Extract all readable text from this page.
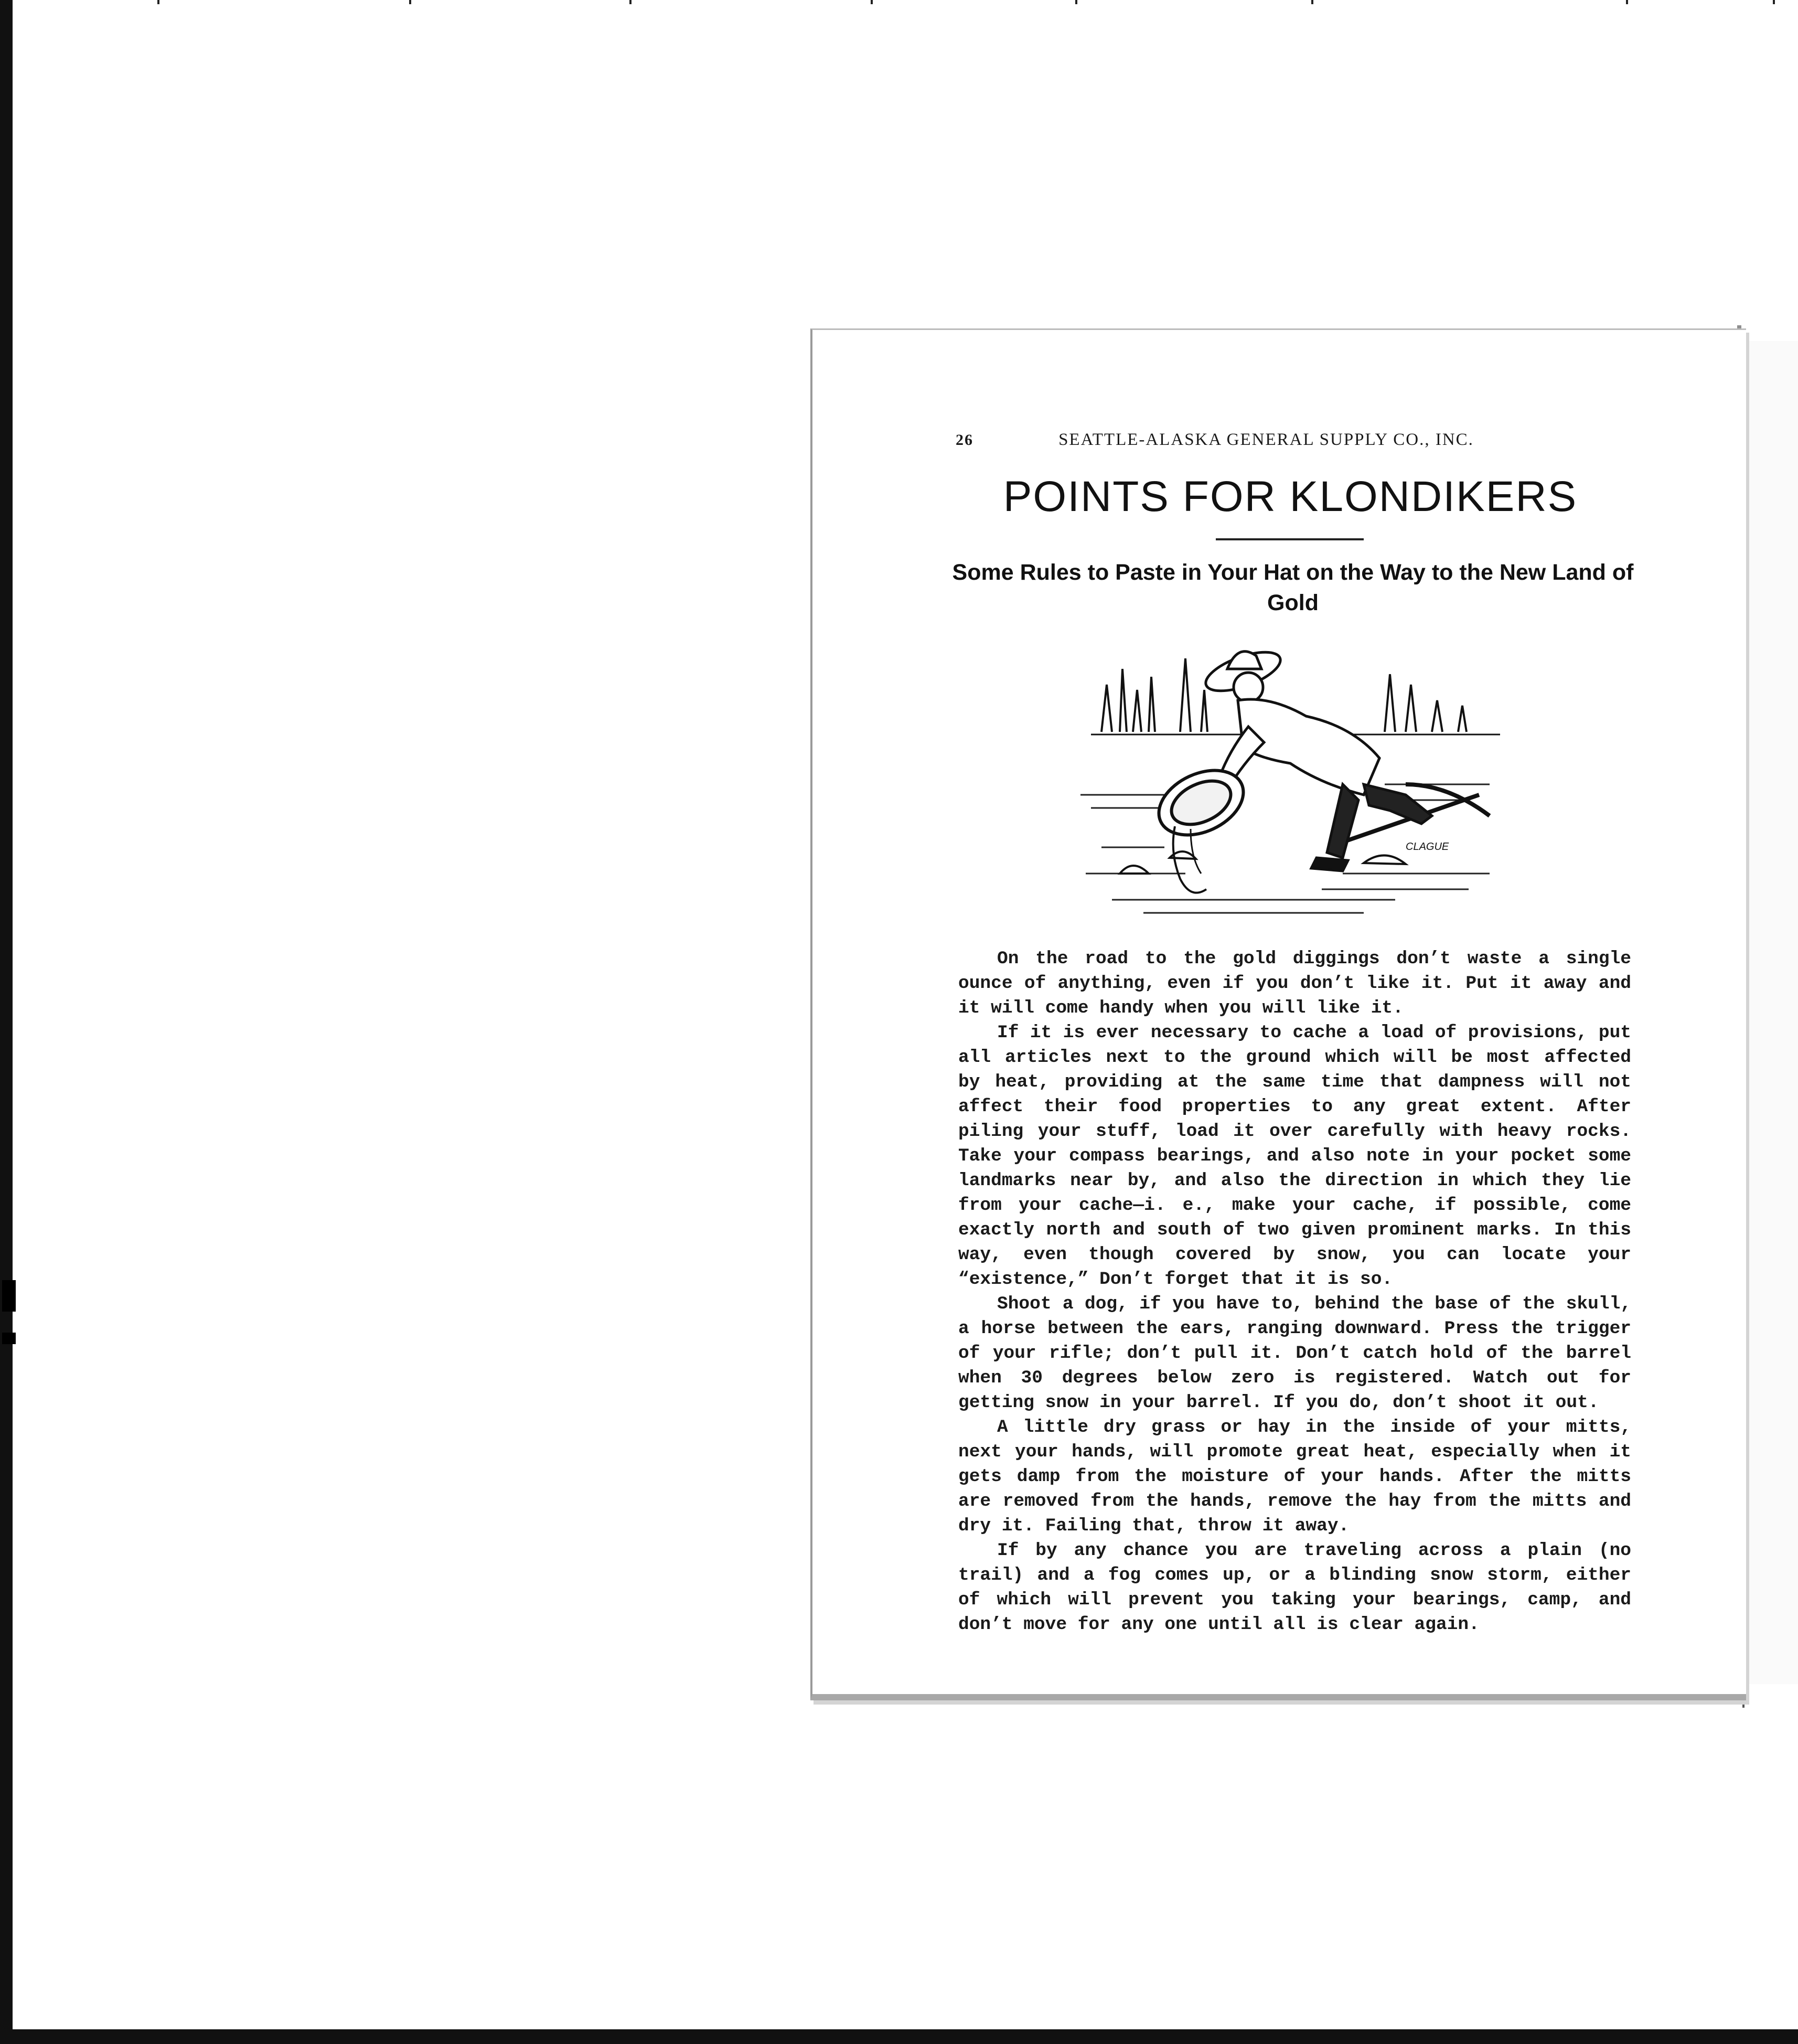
26	SEATTLE-ALASKA GENERAL SUPPLY CO., INC.
POINTS FOR KLONDIKERS
Some Rules to Paste in Your Hat on the Way to the New Land of Gold
CLAGUE

On the road to the gold diggings don’t waste a single ounce of anything, even if you don’t like it. Put it away and it will come handy when you will like it.

If it is ever necessary to cache a load of provisions, put all articles next to the ground which will be most affected by heat, providing at the same time that dampness will not affect their food properties to any great extent. After piling your stuff, load it over carefully with heavy rocks. Take your compass bearings, and also note in your pocket some landmarks near by, and also the direction in which they lie from your cache—i. e., make your cache, if possible, come exactly north and south of two given prominent marks. In this way, even though covered by snow, you can locate your “existence,” Don’t forget that it is so.

Shoot a dog, if you have to, behind the base of the skull, a horse between the ears, ranging downward. Press the trigger of your rifle; don’t pull it. Don’t catch hold of the barrel when 30 degrees below zero is registered. Watch out for getting snow in your barrel. If you do, don’t shoot it out.

A little dry grass or hay in the inside of your mitts, next your hands, will promote great heat, especially when it gets damp from the moisture of your hands. After the mitts are removed from the hands, remove the hay from the mitts and dry it. Failing that, throw it away.

If by any chance you are traveling across a plain (no trail) and a fog comes up, or a blinding snow storm, either of which will prevent you taking your bearings, camp, and don’t move for any one until all is clear again.
